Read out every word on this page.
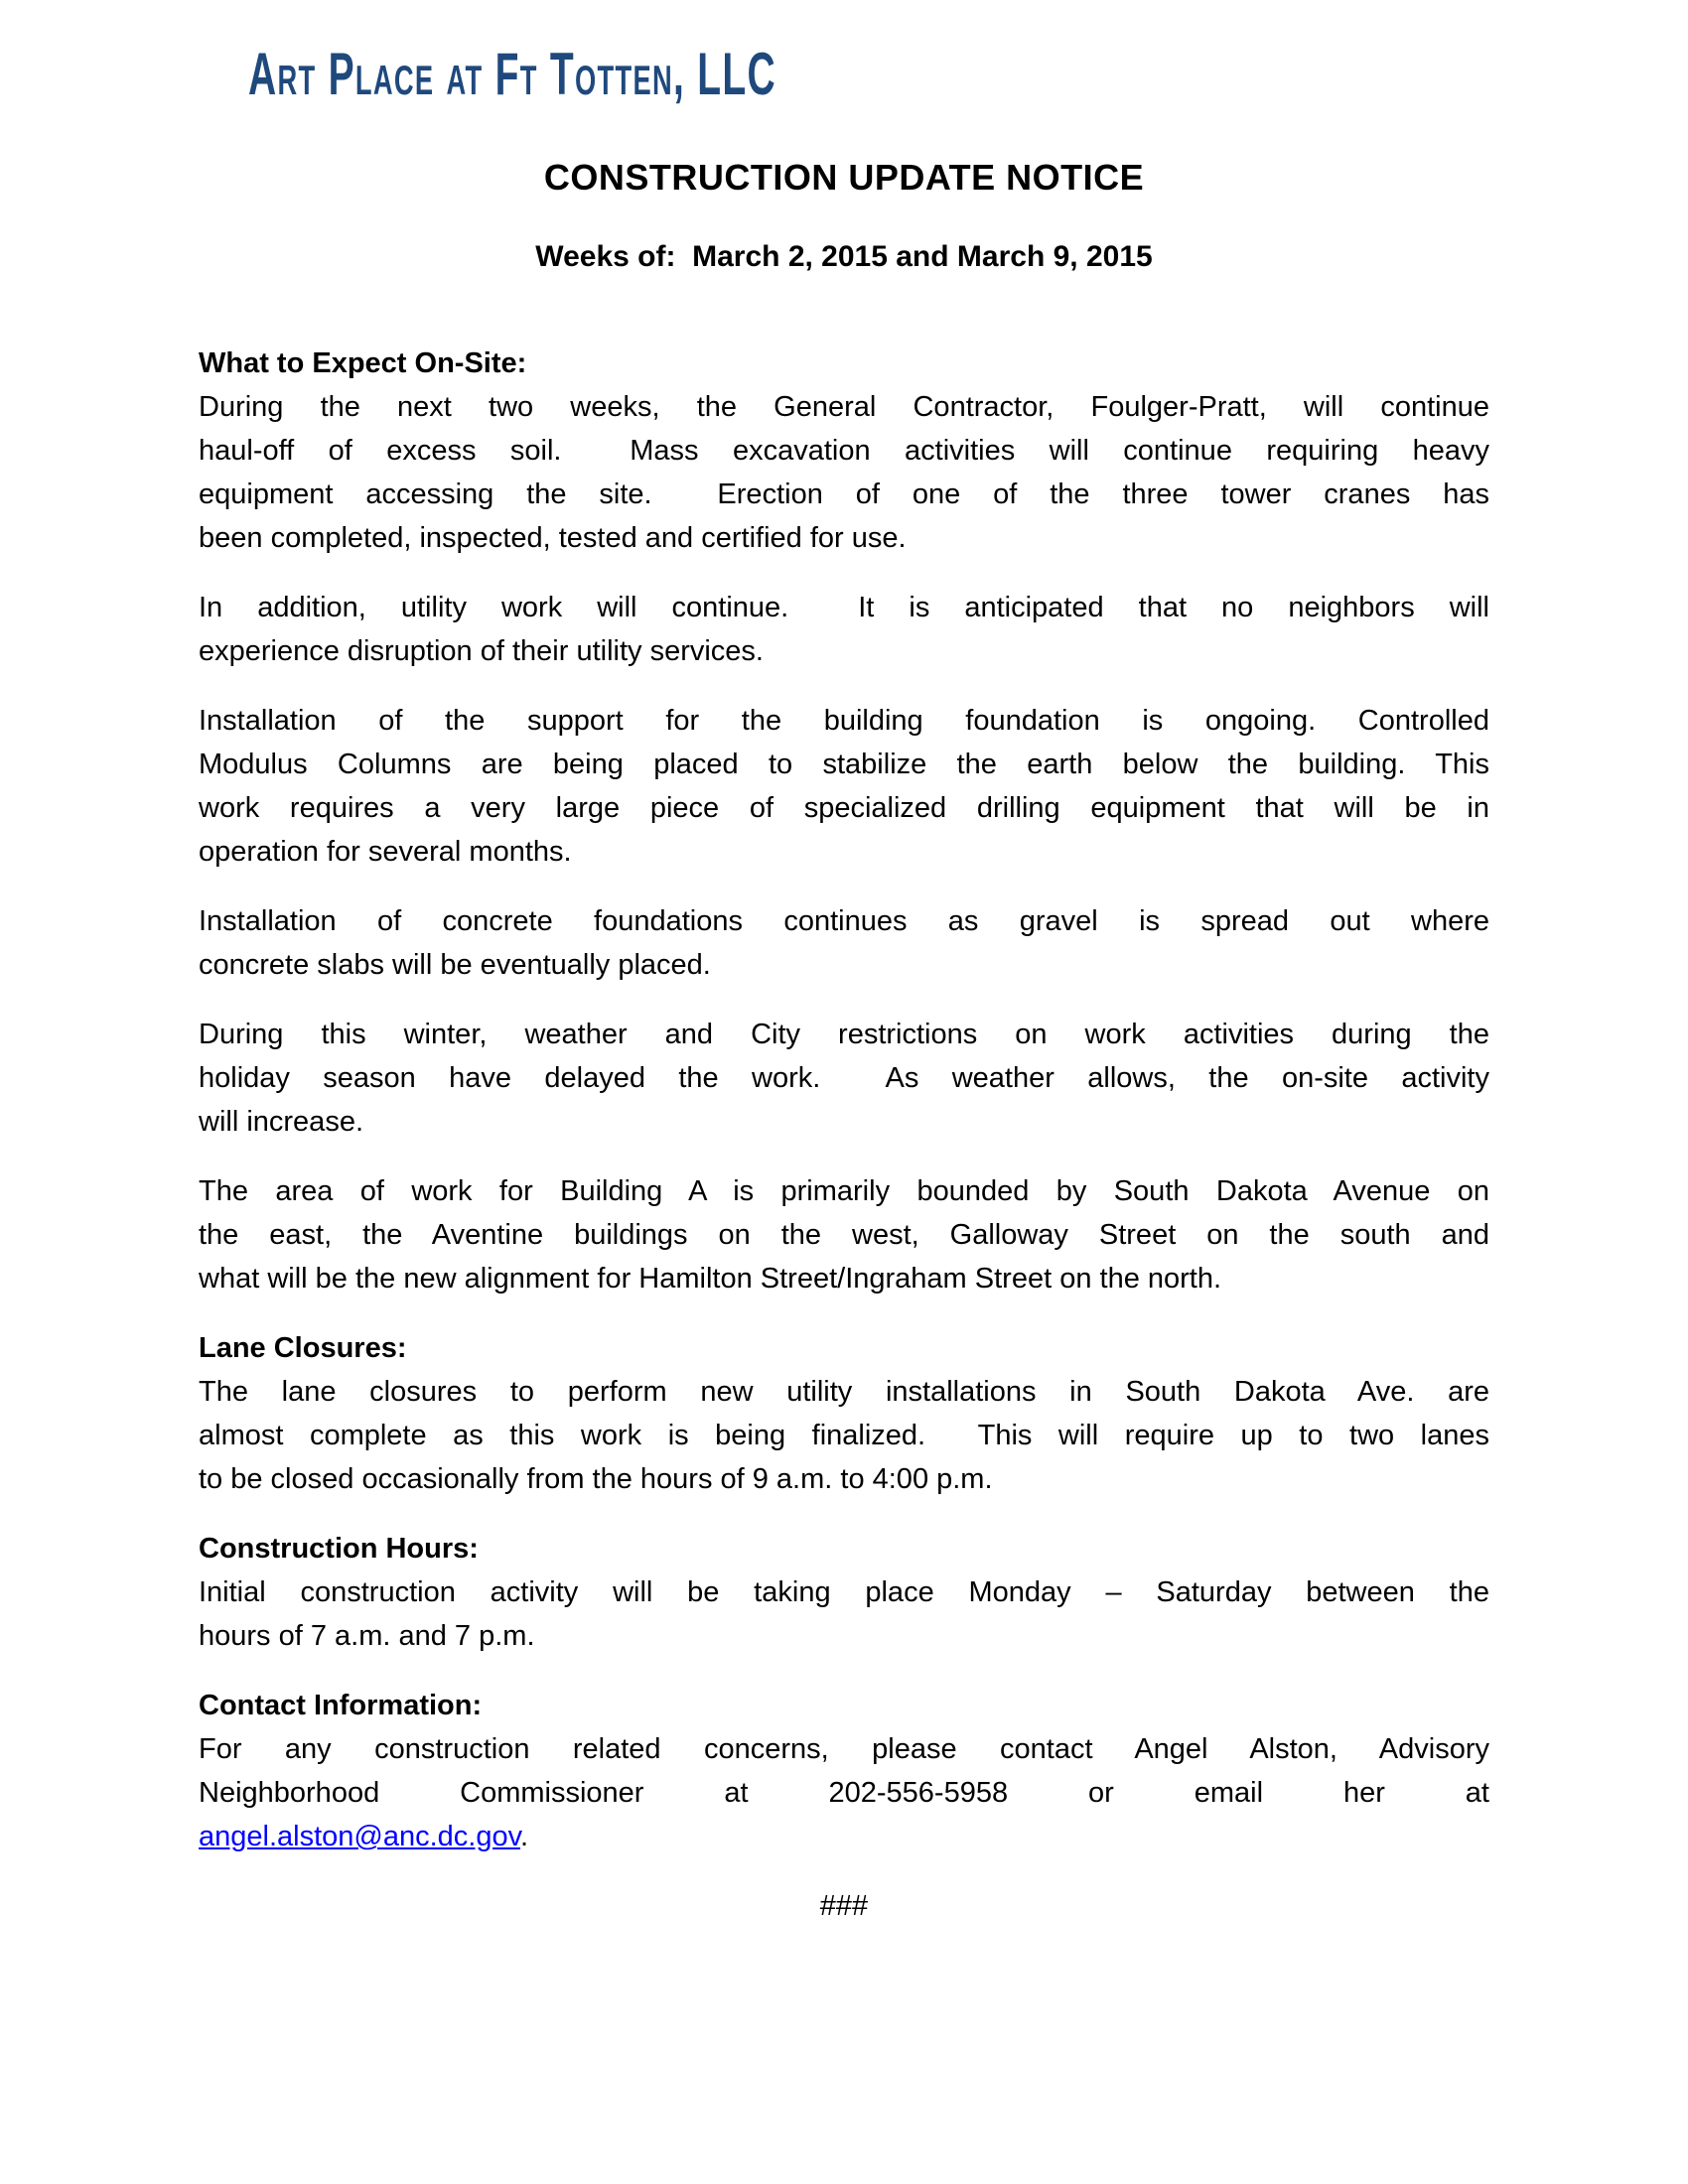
Art Place at Ft Totten, LLC
CONSTRUCTION UPDATE NOTICE
Weeks of:  March 2, 2015 and March 9, 2015
What to Expect On-Site:
During the next two weeks, the General Contractor, Foulger-Pratt, will continue
haul-off of excess soil.  Mass excavation activities will continue requiring heavy
equipment accessing the site.  Erection of one of the three tower cranes has
been completed, inspected, tested and certified for use.
In addition, utility work will continue.  It is anticipated that no neighbors will
experience disruption of their utility services.
Installation of the support for the building foundation is ongoing. Controlled
Modulus Columns are being placed to stabilize the earth below the building. This
work requires a very large piece of specialized drilling equipment that will be in
operation for several months.
Installation of concrete foundations continues as gravel is spread out where
concrete slabs will be eventually placed.
During this winter, weather and City restrictions on work activities during the
holiday season have delayed the work.  As weather allows, the on-site activity
will increase.
The area of work for Building A is primarily bounded by South Dakota Avenue on
the east, the Aventine buildings on the west, Galloway Street on the south and
what will be the new alignment for Hamilton Street/Ingraham Street on the north.
Lane Closures:
The lane closures to perform new utility installations in South Dakota Ave. are
almost complete as this work is being finalized.  This will require up to two lanes
to be closed occasionally from the hours of 9 a.m. to 4:00 p.m.
Construction Hours:
Initial construction activity will be taking place Monday – Saturday between the
hours of 7 a.m. and 7 p.m.
Contact Information:
For any construction related concerns, please contact Angel Alston, Advisory
Neighborhood Commissioner at 202-556-5958 or email her at
angel.alston@anc.dc.gov.
###
